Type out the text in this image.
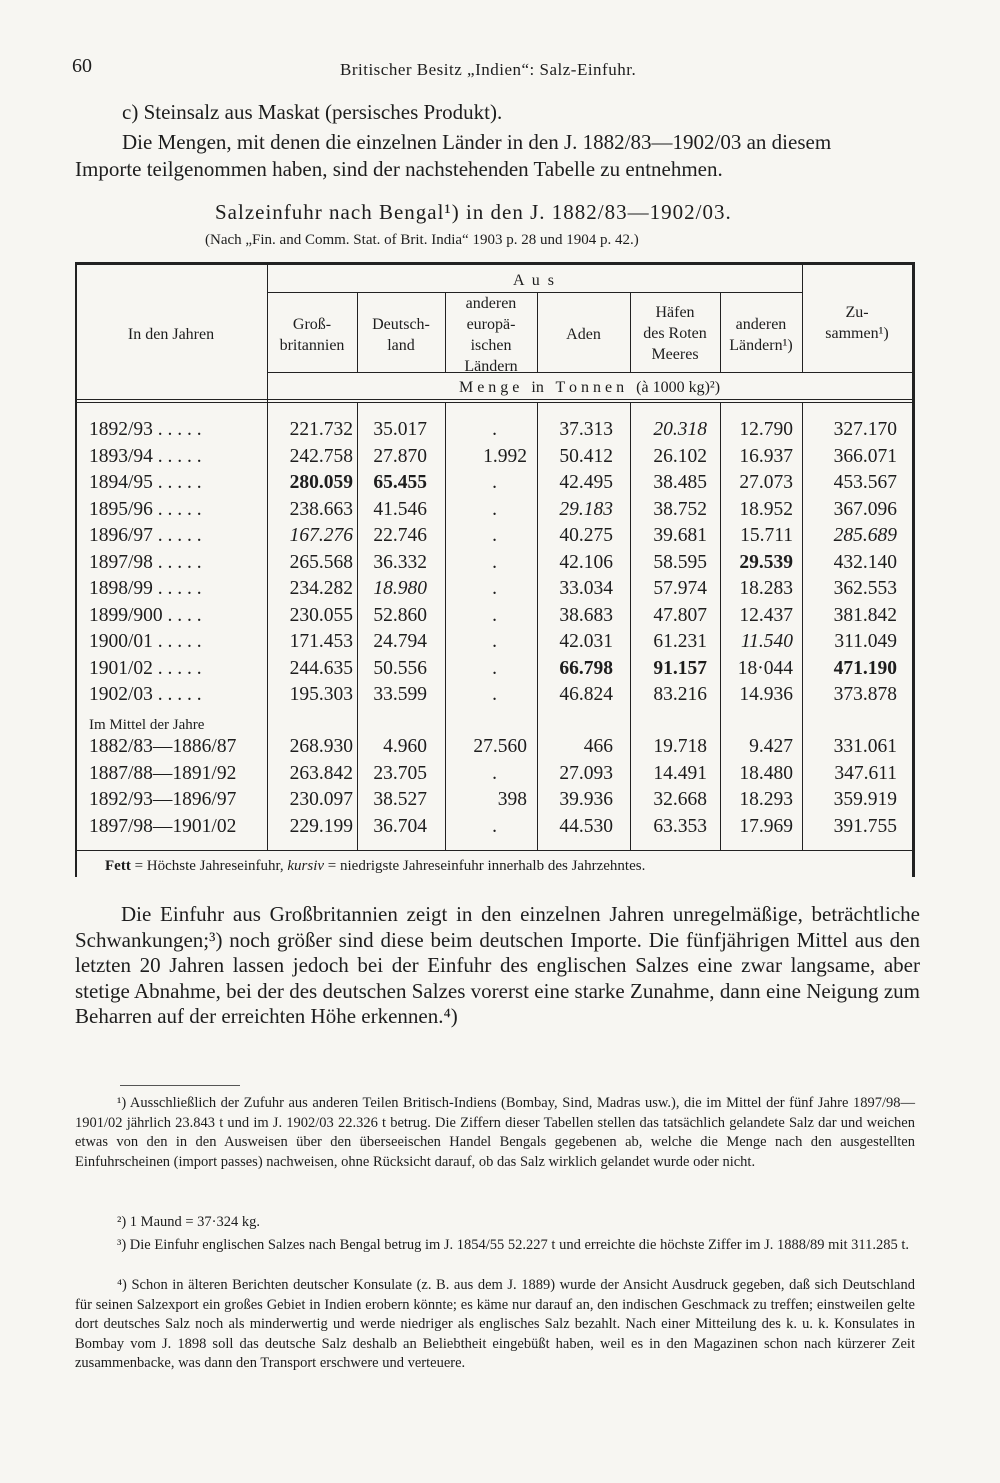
60	Britischer Besitz „Indien“: Salz-Einfuhr.
c) Steinsalz aus Maskat (persisches Produkt).
Die Mengen, mit denen die einzelnen Länder in den J. 1882/83—1902/03 an diesem
Importe teilgenommen haben, sind der nachstehenden Tabelle zu entnehmen.
Salzeinfuhr nach Bengal¹) in den J. 1882/83—1902/03.
(Nach „Fin. and Comm. Stat. of Brit. India“ 1903 p. 28 und 1904 p. 42.)
In den Jahren
A u s
Groß-
britannien
Deutsch-
land
anderen
europä-
ischen
Ländern
Aden
Häfen
des Roten
Meeres
anderen
Ländern¹)
Zu-
sammen¹)
M e n g e   in   T o n n e n   (à 1000 kg)²)
1892/93 . . . . .	221.732	35.017	.	37.313	20.318	12.790	327.170
1893/94 . . . . .	242.758	27.870	1.992	50.412	26.102	16.937	366.071
1894/95 . . . . .	280.059	65.455	.	42.495	38.485	27.073	453.567
1895/96 . . . . .	238.663	41.546	.	29.183	38.752	18.952	367.096
1896/97 . . . . .	167.276	22.746	.	40.275	39.681	15.711	285.689
1897/98 . . . . .	265.568	36.332	.	42.106	58.595	29.539	432.140
1898/99 . . . . .	234.282	18.980	.	33.034	57.974	18.283	362.553
1899/900 . . . .	230.055	52.860	.	38.683	47.807	12.437	381.842
1900/01 . . . . .	171.453	24.794	.	42.031	61.231	11.540	311.049
1901/02 . . . . .	244.635	50.556	.	66.798	91.157	18·044	471.190
1902/03 . . . . .	195.303	33.599	.	46.824	83.216	14.936	373.878
1882/83—1886/87	268.930	4.960	27.560	466	19.718	9.427	331.061
1887/88—1891/92	263.842	23.705	.	27.093	14.491	18.480	347.611
1892/93—1896/97	230.097	38.527	398	39.936	32.668	18.293	359.919
1897/98—1901/02	229.199	36.704	.	44.530	63.353	17.969	391.755
Im Mittel der Jahre
Fett = Höchste Jahreseinfuhr, kursiv = niedrigste Jahreseinfuhr innerhalb des Jahrzehntes.
Die Einfuhr aus Großbritannien zeigt in den einzelnen Jahren unregelmäßige, beträchtliche Schwankungen;³) noch größer sind diese beim deutschen Importe. Die fünfjährigen Mittel aus den letzten 20 Jahren lassen jedoch bei der Einfuhr des englischen Salzes eine zwar langsame, aber stetige Abnahme, bei der des deutschen Salzes vorerst eine starke Zunahme, dann eine Neigung zum Beharren auf der erreichten Höhe erkennen.⁴)
¹) Ausschließlich der Zufuhr aus anderen Teilen Britisch-Indiens (Bombay, Sind, Madras usw.), die im Mittel der fünf Jahre 1897/98—1901/02 jährlich 23.843 t und im J. 1902/03 22.326 t betrug. Die Ziffern dieser Tabellen stellen das tatsächlich gelandete Salz dar und weichen etwas von den in den Ausweisen über den überseeischen Handel Bengals gegebenen ab, welche die Menge nach den ausgestellten Einfuhrscheinen (import passes) nachweisen, ohne Rücksicht darauf, ob das Salz wirklich gelandet wurde oder nicht.
²) 1 Maund = 37·324 kg.
³) Die Einfuhr englischen Salzes nach Bengal betrug im J. 1854/55 52.227 t und erreichte die höchste Ziffer im J. 1888/89 mit 311.285 t.
⁴) Schon in älteren Berichten deutscher Konsulate (z. B. aus dem J. 1889) wurde der Ansicht Ausdruck gegeben, daß sich Deutschland für seinen Salzexport ein großes Gebiet in Indien erobern könnte; es käme nur darauf an, den indischen Geschmack zu treffen; einstweilen gelte dort deutsches Salz noch als minderwertig und werde niedriger als englisches Salz bezahlt. Nach einer Mitteilung des k. u. k. Konsulates in Bombay vom J. 1898 soll das deutsche Salz deshalb an Beliebtheit eingebüßt haben, weil es in den Magazinen schon nach kürzerer Zeit zusammenbacke, was dann den Transport erschwere und verteuere.
